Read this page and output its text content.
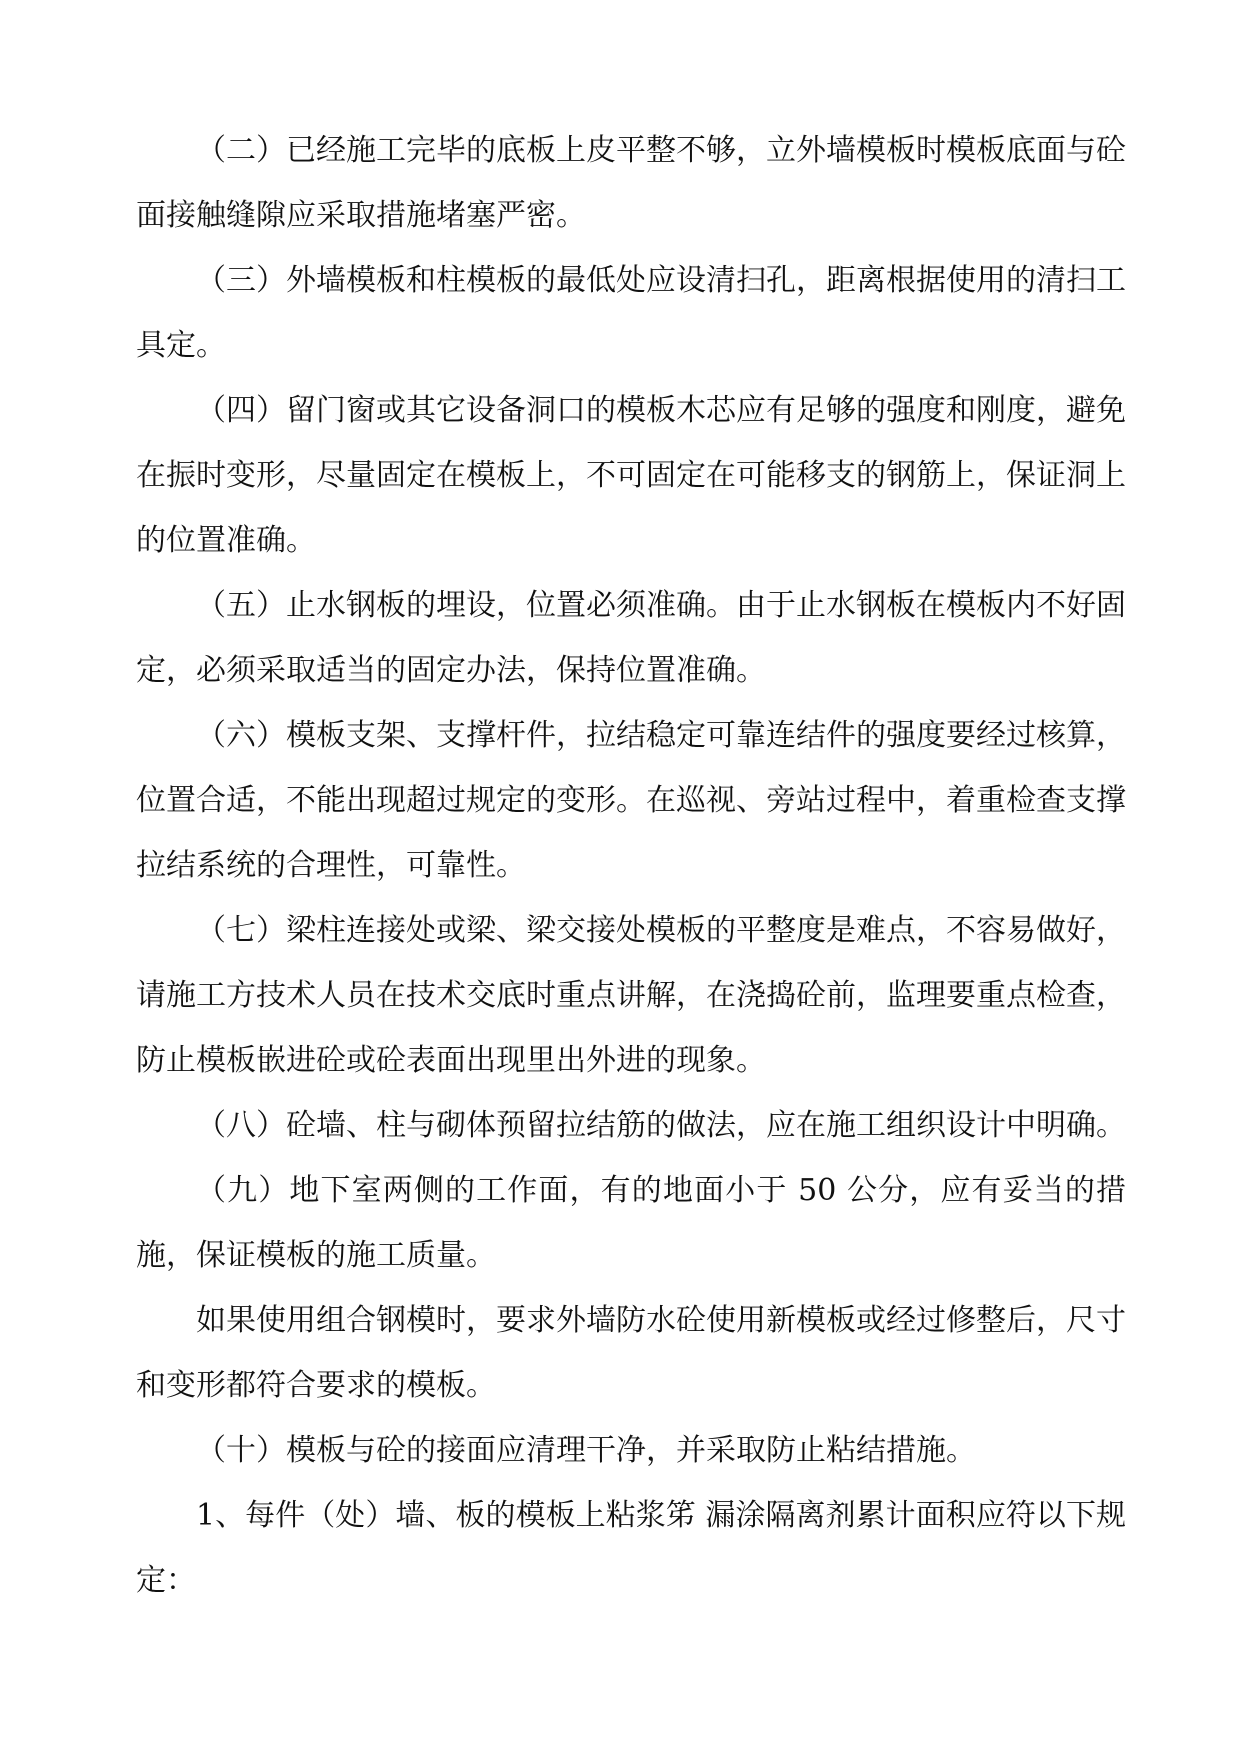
（二）已经施工完毕的底板上皮平整不够，立外墙模板时模板底面与砼面接触缝隙应采取措施堵塞严密。

（三）外墙模板和柱模板的最低处应设清扫孔，距离根据使用的清扫工具定。

（四）留门窗或其它设备洞口的模板木芯应有足够的强度和刚度，避免在振时变形，尽量固定在模板上，不可固定在可能移支的钢筋上，保证洞上的位置准确。

（五）止水钢板的埋设，位置必须准确。由于止水钢板在模板内不好固定，必须采取适当的固定办法，保持位置准确。

（六）模板支架、支撑杆件，拉结稳定可靠连结件的强度要经过核算，位置合适，不能出现超过规定的变形。在巡视、旁站过程中，着重检查支撑拉结系统的合理性，可靠性。

（七）梁柱连接处或梁、梁交接处模板的平整度是难点，不容易做好，请施工方技术人员在技术交底时重点讲解，在浇捣砼前，监理要重点检查，防止模板嵌进砼或砼表面出现里出外进的现象。

（八）砼墙、柱与砌体预留拉结筋的做法，应在施工组织设计中明确。

（九）地下室两侧的工作面，有的地面小于 50 公分，应有妥当的措施，保证模板的施工质量。

如果使用组合钢模时，要求外墙防水砼使用新模板或经过修整后，尺寸和变形都符合要求的模板。

（十）模板与砼的接面应清理干净，并采取防止粘结措施。

1、每件（处）墙、板的模板上粘浆笫 漏涂隔离剂累计面积应符以下规定：
